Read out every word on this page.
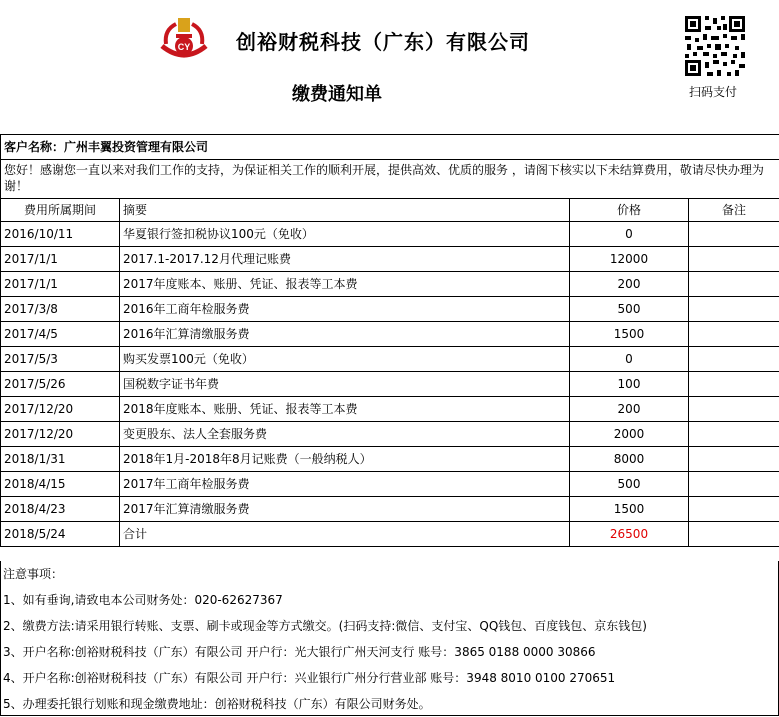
CY 创裕财税科技（广东）有限公司
缴费通知单	扫码支付
客户名称：广州丰翼投资管理有限公司			
您好！感谢您一直以来对我们工作的支持，为保证相关工作的顺利开展，提供高效、优质的服务 ，请阁下核实以下未结算费用，敬请尽快办理为谢！			
费用所属期间	摘要	价格	备注
2016/10/11	华夏银行签扣税协议100元（免收）	0	
2017/1/1	2017.1-2017.12月代理记账费	12000	
2017/1/1	2017年度账本、账册、凭证、报表等工本费	200	
2017/3/8	2016年工商年检服务费	500	
2017/4/5	2016年汇算清缴服务费	1500	
2017/5/3	购买发票100元（免收）	0	
2017/5/26	国税数字证书年费	100	
2017/12/20	2018年度账本、账册、凭证、报表等工本费	200	
2017/12/20	变更股东、法人全套服务费	2000	
2018/1/31	2018年1月-2018年8月记账费（一般纳税人）	8000	
2018/4/15	2017年工商年检服务费	500	
2018/4/23	2017年汇算清缴服务费	1500	
2018/5/24	合计	26500	
注意事项：
1、如有垂询,请致电本公司财务处：020-62627367
2、缴费方法:请采用银行转账、支票、刷卡或现金等方式缴交。(扫码支持:微信、支付宝、QQ钱包、百度钱包、京东钱包)
3、开户名称:创裕财税科技（广东）有限公司 开户行：光大银行广州天河支行 账号：3865 0188 0000 30866
4、开户名称:创裕财税科技（广东）有限公司 开户行：兴业银行广州分行营业部 账号：3948 8010 0100 270651
5、办理委托银行划账和现金缴费地址：创裕财税科技（广东）有限公司财务处。
